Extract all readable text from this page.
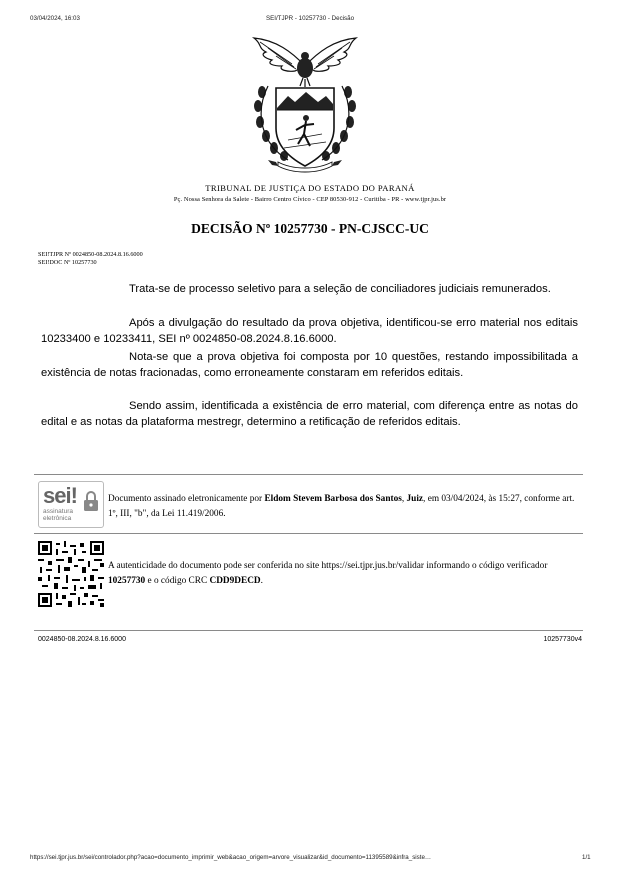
03/04/2024, 16:03	SEI/TJPR - 10257730 - Decisão
TRIBUNAL DE JUSTIÇA DO ESTADO DO PARANÁ
Pç. Nossa Senhora da Salete - Bairro Centro Cívico - CEP 80530-912 - Curitiba - PR - www.tjpr.jus.br
DECISÃO Nº 10257730 - PN-CJSCC-UC
SEI!TJPR Nº 0024850-08.2024.8.16.6000
SEI!DOC Nº 10257730
Trata-se de processo seletivo para a seleção de conciliadores judiciais remunerados.
Após a divulgação do resultado da prova objetiva, identificou-se erro material nos editais 10233400 e 10233411, SEI nº 0024850-08.2024.8.16.6000.
Nota-se que a prova objetiva foi composta por 10 questões, restando impossibilitada a existência de notas fracionadas, como erroneamente constaram em referidos editais.
Sendo assim, identificada a existência de erro material, com diferença entre as notas do edital e as notas da plataforma mestregr, determino a retificação de referidos editais.
sei!
assinatura
eletrônica
Documento assinado eletronicamente por Eldom Stevem Barbosa dos Santos, Juiz, em 03/04/2024, às 15:27, conforme art. 1º, III, "b", da Lei 11.419/2006.
A autenticidade do documento pode ser conferida no site https://sei.tjpr.jus.br/validar informando o código verificador 10257730 e o código CRC CDD9DECD.
0024850-08.2024.8.16.6000	10257730v4
https://sei.tjpr.jus.br/sei/controlador.php?acao=documento_imprimir_web&acao_origem=arvore_visualizar&id_documento=11395589&infra_siste…	1/1
